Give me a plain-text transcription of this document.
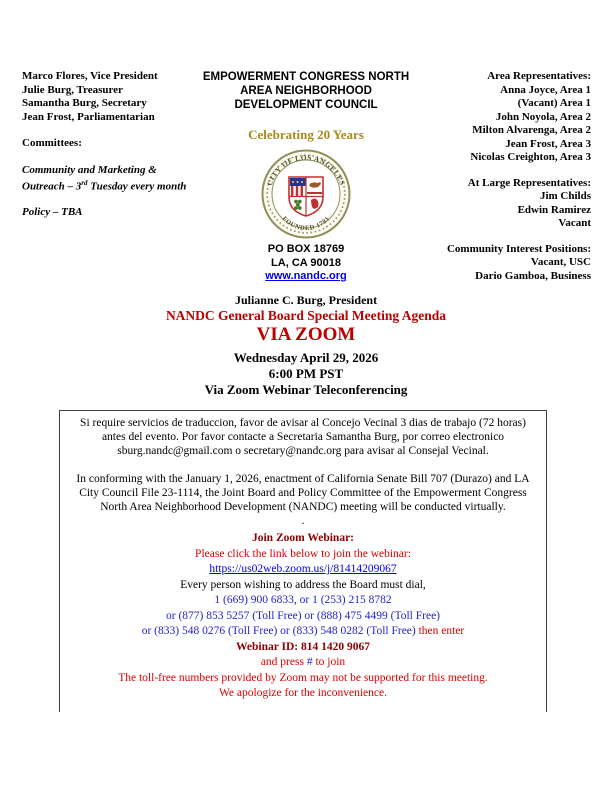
Marco Flores, Vice President
Julie Burg, Treasurer
Samantha Burg, Secretary
Jean Frost, Parliamentarian
Committees:
Community and Marketing &
Outreach – 3rd Tuesday every month
Policy – TBA
EMPOWERMENT CONGRESS NORTH
AREA NEIGHBORHOOD
DEVELOPMENT COUNCIL
Celebrating 20 Years
CITY OF LOS ANGELES
FOUNDED 1781
PO BOX 18769
LA, CA 90018
www.nandc.org
Julianne C. Burg, President
Area Representatives:
Anna Joyce, Area 1
(Vacant) Area 1
John Noyola, Area 2
Milton Alvarenga, Area 2
Jean Frost, Area 3
Nicolas Creighton, Area 3
At Large Representatives:
Jim Childs
Edwin Ramirez
Vacant
Community Interest Positions:
Vacant, USC
Dario Gamboa, Business
NANDC General Board Special Meeting Agenda
VIA ZOOM
Wednesday April 29, 2026
6:00 PM PST
Via Zoom Webinar Teleconferencing
Si require servicios de traduccion, favor de avisar al Concejo Vecinal 3 dias de trabajo (72 horas) antes del evento. Por favor contacte a Secretaria Samantha Burg, por correo electronico sburg.nandc@gmail.com o secretary@nandc.org para avisar al Consejal Vecinal.
In conforming with the January 1, 2026, enactment of California Senate Bill 707 (Durazo) and LA City Council File 23-1114, the Joint Board and Policy Committee of the Empowerment Congress North Area Neighborhood Development (NANDC) meeting will be conducted virtually.
.
Join Zoom Webinar:
Please click the link below to join the webinar:
https://us02web.zoom.us/j/81414209067
Every person wishing to address the Board must dial,
1 (669) 900 6833, or 1 (253) 215 8782
or (877) 853 5257 (Toll Free) or (888) 475 4499 (Toll Free)
or (833) 548 0276 (Toll Free) or (833) 548 0282 (Toll Free) then enter
Webinar ID: 814 1420 9067
and press # to join
The toll-free numbers provided by Zoom may not be supported for this meeting.
We apologize for the inconvenience.
